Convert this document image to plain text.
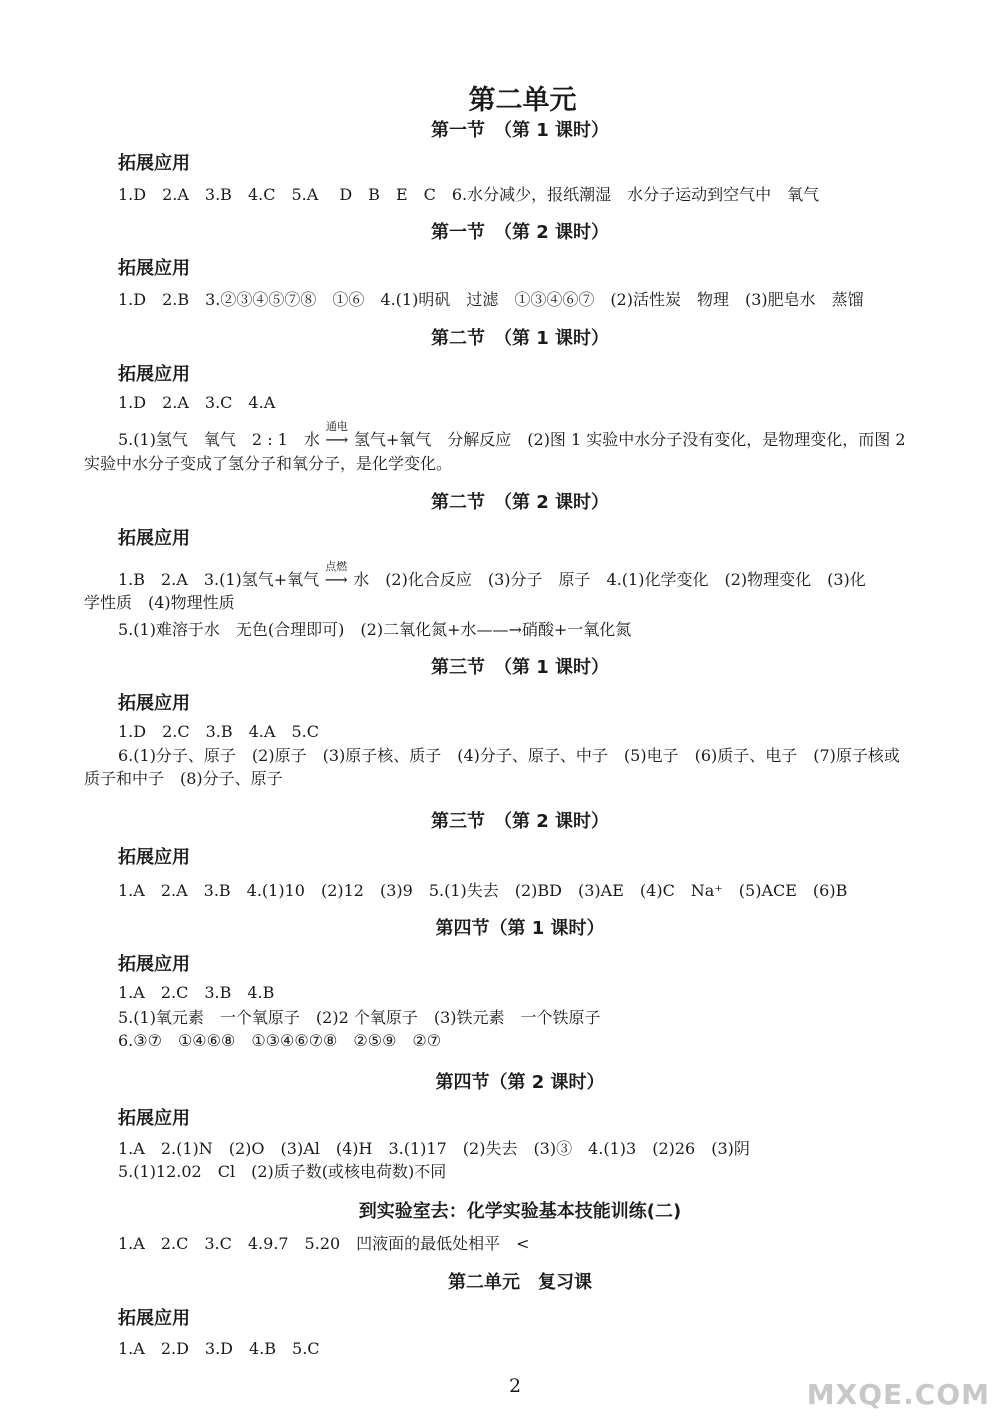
第二单元
第一节　（第 1 课时）
拓展应用
1.D　2.A　3.B　4.C　5.A　 D　B　E　C　6.水分减少，报纸潮湿　水分子运动到空气中　氧气
第一节　（第 2 课时）
拓展应用
1.D　2.B　3.②③④⑤⑦⑧　①⑥　4.(1)明矾　过滤　①③④⑥⑦　(2)活性炭　物理　(3)肥皂水　蒸馏
第二节　（第 1 课时）
拓展应用
1.D　2.A　3.C　4.A
5.(1)氢气　氧气　2 : 1　水
通电
⟶ 氢气+氧气　分解反应　(2)图 1 实验中水分子没有变化，是物理变化，而图 2
实验中水分子变成了氢分子和氧分子，是化学变化。
第二节　（第 2 课时）
拓展应用
1.B　2.A　3.(1)氢气+氧气
点燃
⟶ 水　(2)化合反应　(3)分子　原子　4.(1)化学变化　(2)物理变化　(3)化
学性质　(4)物理性质
5.(1)难溶于水　无色(合理即可)　(2)二氧化氮+水——→硝酸+一氧化氮
第三节　（第 1 课时）
拓展应用
1.D　2.C　3.B　4.A　5.C
6.(1)分子、原子　(2)原子　(3)原子核、质子　(4)分子、原子、中子　(5)电子　(6)质子、电子　(7)原子核或
质子和中子　(8)分子、原子
第三节　（第 2 课时）
拓展应用
1.A　2.A　3.B　4.(1)10　(2)12　(3)9　5.(1)失去　(2)BD　(3)AE　(4)C　Na⁺　(5)ACE　(6)B
第四节（第 1 课时）
拓展应用
1.A　2.C　3.B　4.B
5.(1)氧元素　一个氧原子　(2)2 个氧原子　(3)铁元素　一个铁原子
6.③⑦　①④⑥⑧　①③④⑥⑦⑧　②⑤⑨　②⑦
第四节（第 2 课时）
拓展应用
1.A　2.(1)N　(2)O　(3)Al　(4)H　3.(1)17　(2)失去　(3)③　4.(1)3　(2)26　(3)阴
5.(1)12.02　Cl　(2)质子数(或核电荷数)不同
到实验室去：化学实验基本技能训练(二)
1.A　2.C　3.C　4.9.7　5.20　凹液面的最低处相平　<
第二单元　复习课
拓展应用
1.A　2.D　3.D　4.B　5.C
2	MXQE.COM
